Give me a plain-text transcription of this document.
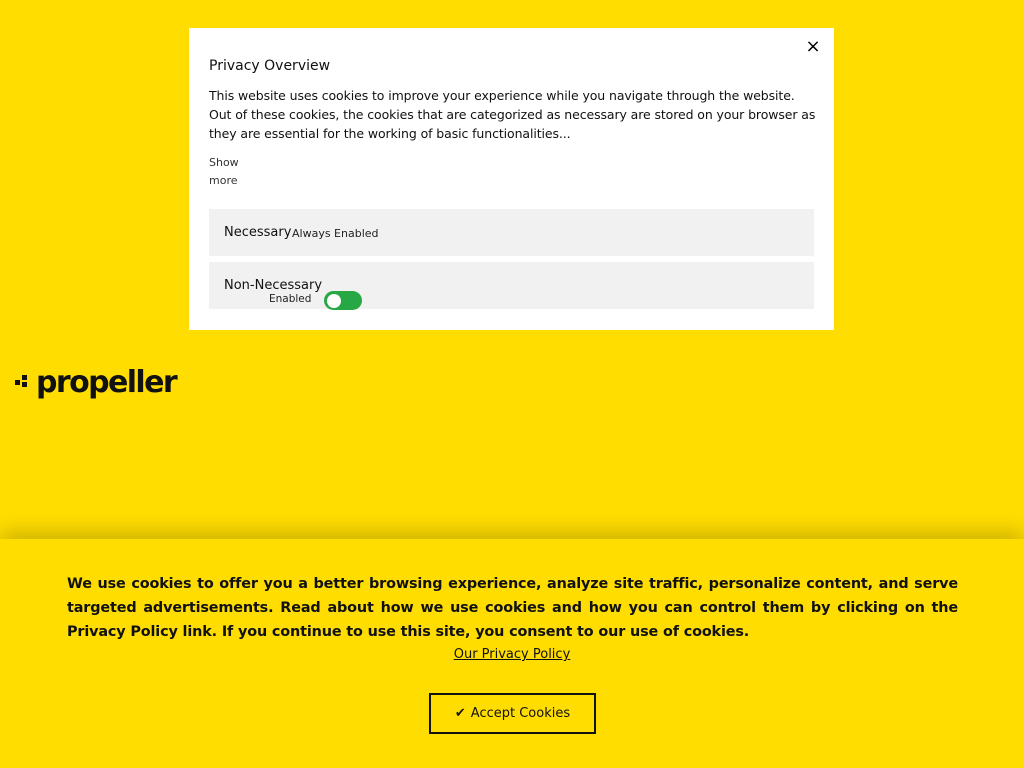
×
Privacy Overview
This website uses cookies to improve your experience while you navigate through the website.
Out of these cookies, the cookies that are categorized as necessary are stored on your browser as
they are essential for the working of basic functionalities...
Show
more
Necessary Always Enabled
Non-Necessary
Enabled
propeller
We use cookies to offer you a better browsing experience, analyze site traffic, personalize content, and serve targeted advertisements. Read about how we use cookies and how you can control them by clicking on the Privacy Policy link. If you continue to use this site, you consent to our use of cookies.
Our Privacy Policy
✔ Accept Cookies
